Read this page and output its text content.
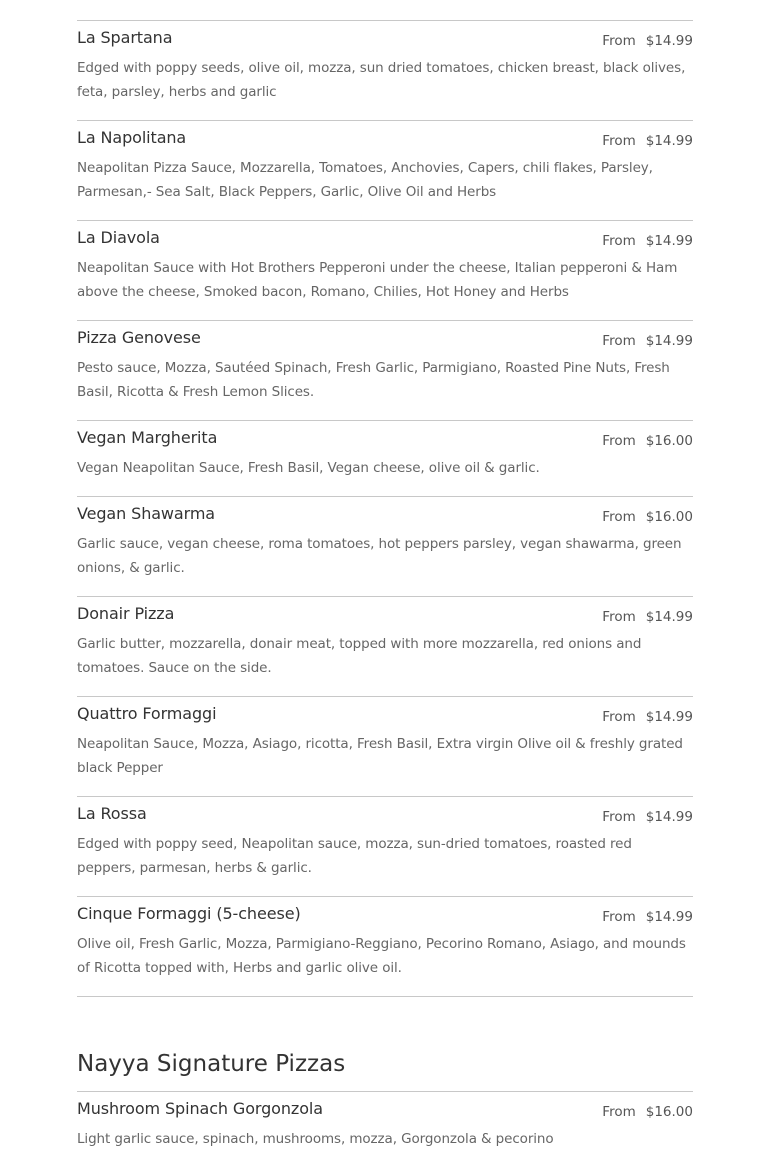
La Spartana	From $14.99
Edged with poppy seeds, olive oil, mozza, sun dried tomatoes, chicken breast, black olives, feta, parsley, herbs and garlic
La Napolitana	From $14.99
Neapolitan Pizza Sauce, Mozzarella, Tomatoes, Anchovies, Capers, chili flakes, Parsley, Parmesan,- Sea Salt, Black Peppers, Garlic, Olive Oil and Herbs
La Diavola	From $14.99
Neapolitan Sauce with Hot Brothers Pepperoni under the cheese, Italian pepperoni & Ham above the cheese, Smoked bacon, Romano, Chilies, Hot Honey and Herbs
Pizza Genovese	From $14.99
Pesto sauce, Mozza, Sautéed Spinach, Fresh Garlic, Parmigiano, Roasted Pine Nuts, Fresh Basil, Ricotta & Fresh Lemon Slices.
Vegan Margherita	From $16.00
Vegan Neapolitan Sauce, Fresh Basil, Vegan cheese, olive oil & garlic.
Vegan Shawarma	From $16.00
Garlic sauce, vegan cheese, roma tomatoes, hot peppers parsley, vegan shawarma, green onions, & garlic.
Donair Pizza	From $14.99
Garlic butter, mozzarella, donair meat, topped with more mozzarella, red onions and tomatoes. Sauce on the side.
Quattro Formaggi	From $14.99
Neapolitan Sauce, Mozza, Asiago, ricotta, Fresh Basil, Extra virgin Olive oil & freshly grated black Pepper
La Rossa	From $14.99
Edged with poppy seed, Neapolitan sauce, mozza, sun-dried tomatoes, roasted red peppers, parmesan, herbs & garlic.
Cinque Formaggi (5-cheese)	From $14.99
Olive oil, Fresh Garlic, Mozza, Parmigiano-Reggiano, Pecorino Romano, Asiago, and mounds of Ricotta topped with, Herbs and garlic olive oil.
Nayya Signature Pizzas
Mushroom Spinach Gorgonzola	From $16.00
Light garlic sauce, spinach, mushrooms, mozza, Gorgonzola & pecorino
